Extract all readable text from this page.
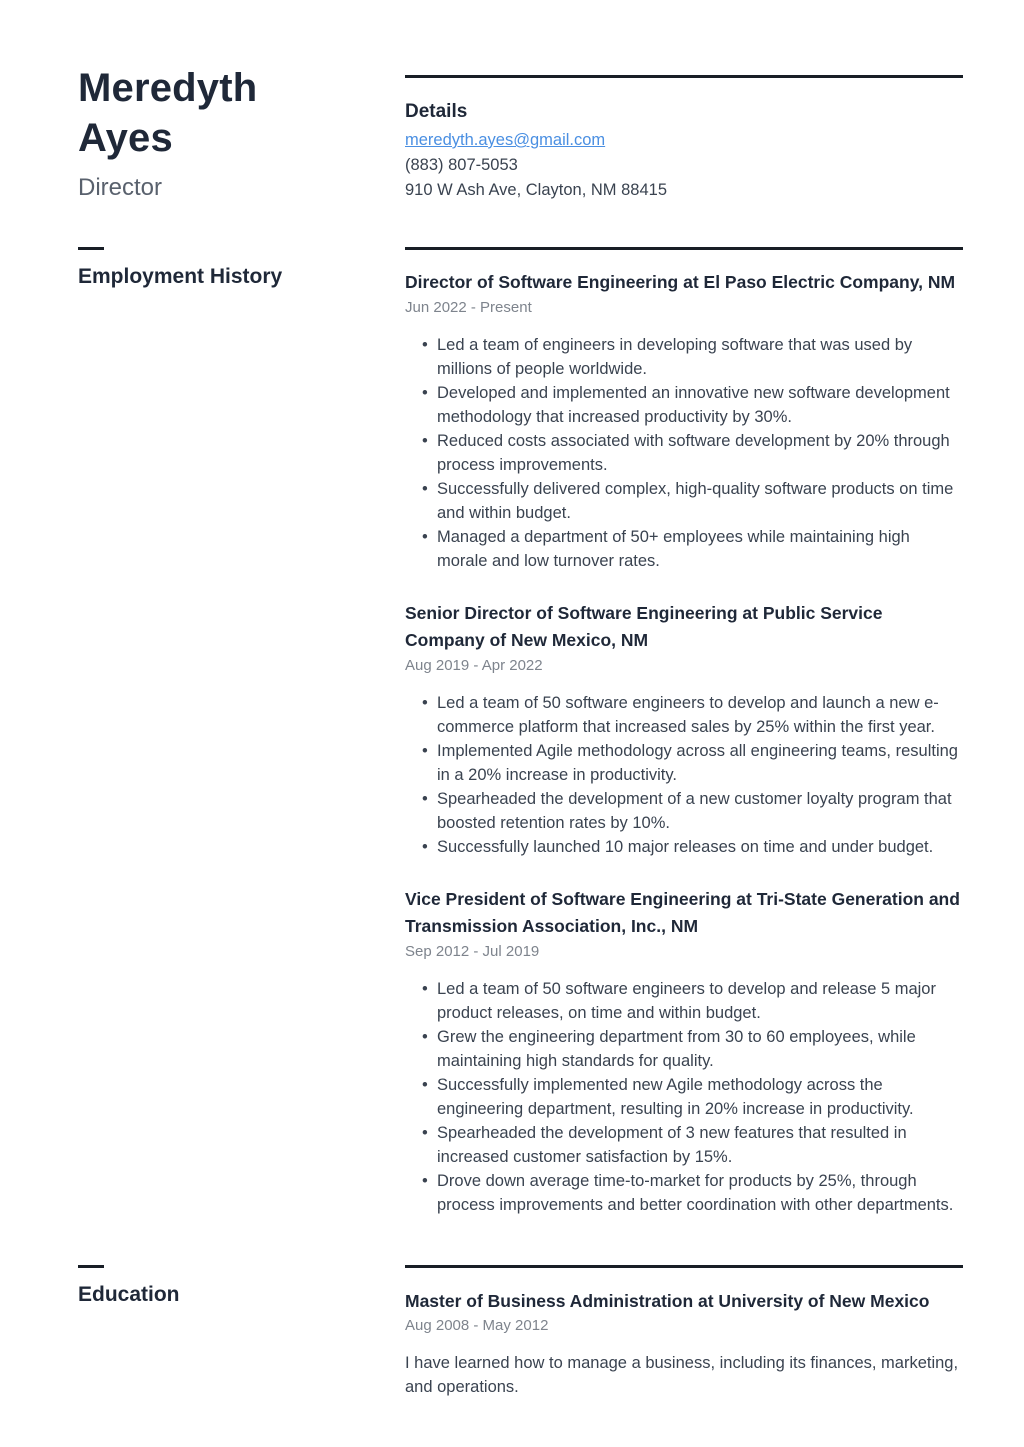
Meredyth Ayes
Director
Details
meredyth.ayes@gmail.com
(883) 807-5053
910 W Ash Ave, Clayton, NM 88415
Employment History	Director of Software Engineering at El Paso Electric Company, NM
Jun 2022 - Present
• Led a team of engineers in developing software that was used by millions of people worldwide.
• Developed and implemented an innovative new software development methodology that increased productivity by 30%.
• Reduced costs associated with software development by 20% through process improvements.
• Successfully delivered complex, high-quality software products on time and within budget.
• Managed a department of 50+ employees while maintaining high morale and low turnover rates.
Senior Director of Software Engineering at Public Service Company of New Mexico, NM
Aug 2019 - Apr 2022
• Led a team of 50 software engineers to develop and launch a new e-commerce platform that increased sales by 25% within the first year.
• Implemented Agile methodology across all engineering teams, resulting in a 20% increase in productivity.
• Spearheaded the development of a new customer loyalty program that boosted retention rates by 10%.
• Successfully launched 10 major releases on time and under budget.
Vice President of Software Engineering at Tri-State Generation and Transmission Association, Inc., NM
Sep 2012 - Jul 2019
• Led a team of 50 software engineers to develop and release 5 major product releases, on time and within budget.
• Grew the engineering department from 30 to 60 employees, while maintaining high standards for quality.
• Successfully implemented new Agile methodology across the engineering department, resulting in 20% increase in productivity.
• Spearheaded the development of 3 new features that resulted in increased customer satisfaction by 15%.
• Drove down average time-to-market for products by 25%, through process improvements and better coordination with other departments.
Education	Master of Business Administration at University of New Mexico
Aug 2008 - May 2012

I have learned how to manage a business, including its finances, marketing, and operations.
